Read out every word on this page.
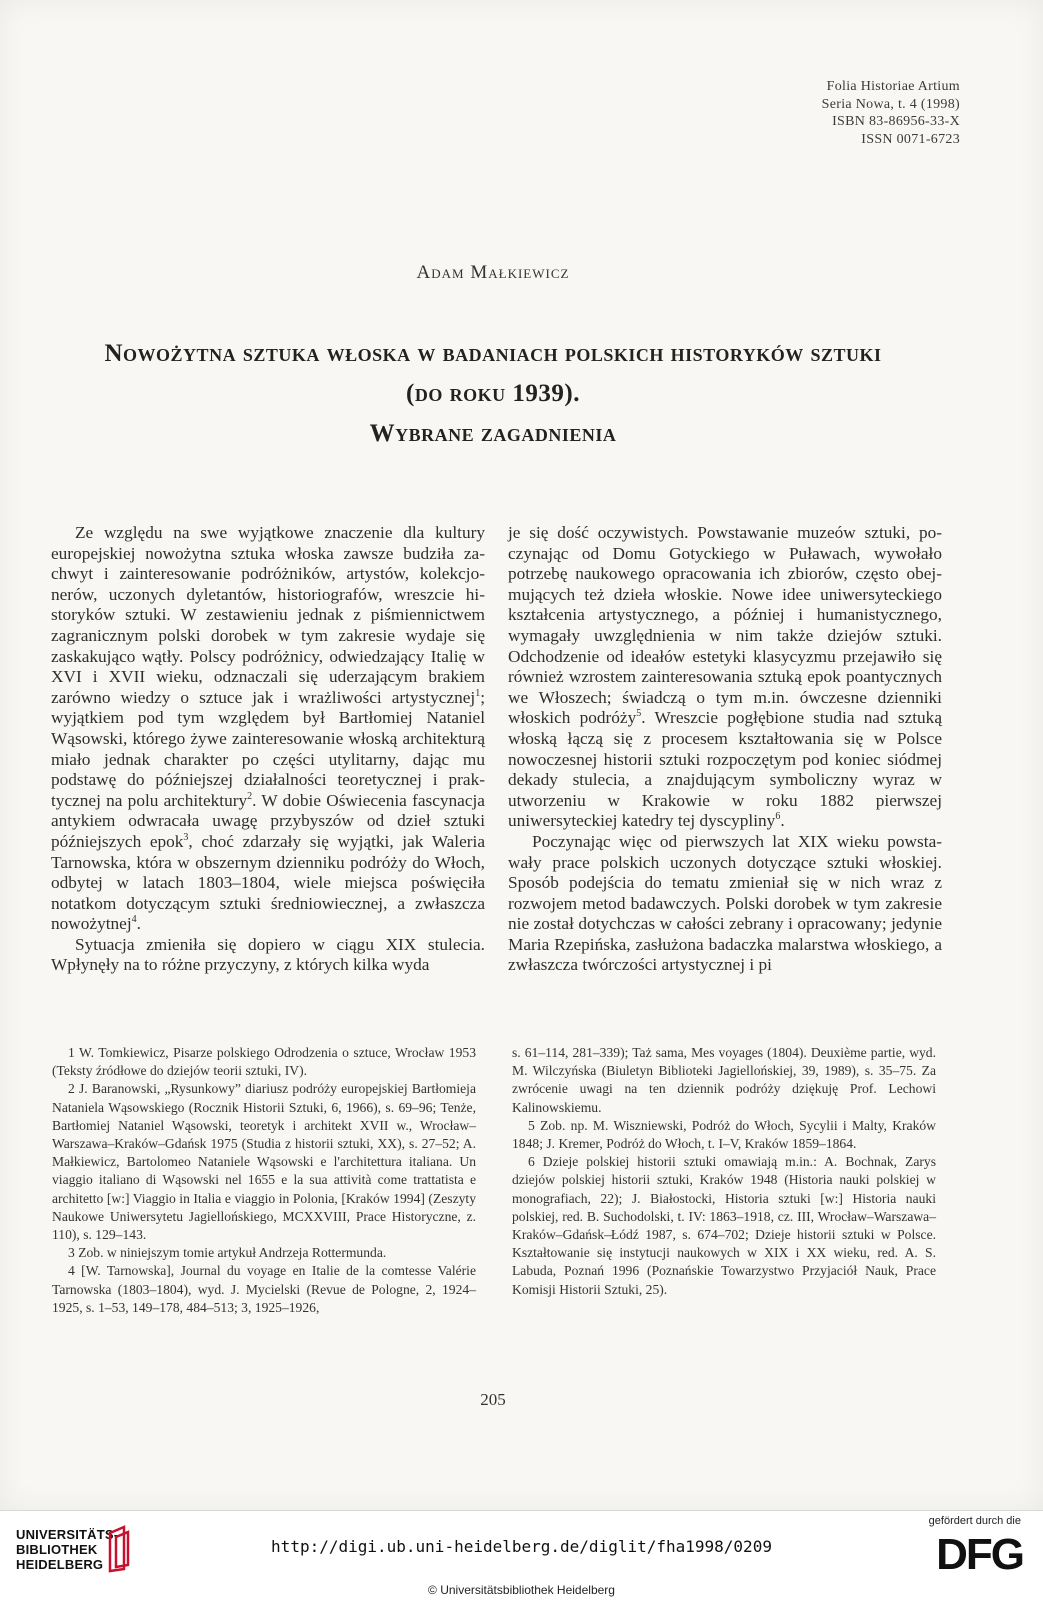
Folia Historiae Artium
Seria Nowa, t. 4 (1998)
ISBN 83-86956-33-X
ISSN 0071-6723
Adam Małkiewicz
Nowożytna sztuka włoska w badaniach polskich historyków sztuki
(do roku 1939).
Wybrane zagadnienia

Ze względu na swe wyjątkowe znaczenie dla kultury europejskiej nowożytna sztuka włoska zawsze budziła zachwyt i zainteresowanie podróżników, artystów, kolekcjonerów, uczonych dyletantów, historiografów, wreszcie historyków sztuki. W zestawieniu jednak z piśmiennictwem zagranicznym polski dorobek w tym zakresie wydaje się zaskakująco wątły. Polscy podróżnicy, odwiedzający Italię w XVI i XVII wieku, odznaczali się uderzającym brakiem zarówno wiedzy o sztuce jak i wrażliwości artystycznej$^1$; wyjątkiem pod tym względem był Bartłomiej Nataniel Wąsowski, którego żywe zainteresowanie włoską architekturą miało jednak charakter po części utylitarny, dając mu podstawę do późniejszej działalności teoretycznej i praktycznej na polu architektury$^2$. W dobie Oświecenia fascynacja antykiem odwracała uwagę przybyszów od dzieł sztuki późniejszych epok$^3$, choć zdarzały się wyjątki, jak Waleria Tarnowska, która w obszernym dzienniku podróży do Włoch, odbytej w latach 1803–1804, wiele miejsca poświęciła notatkom dotyczącym sztuki średniowiecznej, a zwłaszcza nowożytnej$^4$.

Sytuacja zmieniła się dopiero w ciągu XIX stulecia. Wpłynęły na to różne przyczyny, z których kilka wyda

je się dość oczywistych. Powstawanie muzeów sztuki, poczynając od Domu Gotyckiego w Puławach, wywołało potrzebę naukowego opracowania ich zbiorów, często obejmujących też dzieła włoskie. Nowe idee uniwersyteckiego kształcenia artystycznego, a później i humanistycznego, wymagały uwzględnienia w nim także dziejów sztuki. Odchodzenie od ideałów estetyki klasycyzmu przejawiło się również wzrostem zainteresowania sztuką epok poantycznych we Włoszech; świadczą o tym m.in. ówczesne dzienniki włoskich podróży$^5$. Wreszcie pogłębione studia nad sztuką włoską łączą się z procesem kształtowania się w Polsce nowoczesnej historii sztuki rozpoczętym pod koniec siódmej dekady stulecia, a znajdującym symboliczny wyraz w utworzeniu w Krakowie w roku 1882 pierwszej uniwersyteckiej katedry tej dyscypliny$^6$.

Poczynając więc od pierwszych lat XIX wieku powstawały prace polskich uczonych dotyczące sztuki włoskiej. Sposób podejścia do tematu zmieniał się w nich wraz z rozwojem metod badawczych. Polski dorobek w tym zakresie nie został dotychczas w całości zebrany i opracowany; jedynie Maria Rzepińska, zasłużona badaczka malarstwa włoskiego, a zwłaszcza twórczości artystycznej i pi

1 W. Tomkiewicz, Pisarze polskiego Odrodzenia o sztuce, Wrocław 1953 (Teksty źródłowe do dziejów teorii sztuki, IV).

2 J. Baranowski, „Rysunkowy” diariusz podróży europejskiej Bartłomieja Nataniela Wąsowskiego (Rocznik Historii Sztuki, 6, 1966), s. 69–96; Tenże, Bartłomiej Nataniel Wąsowski, teoretyk i architekt XVII w., Wrocław–Warszawa–Kraków–Gdańsk 1975 (Studia z historii sztuki, XX), s. 27–52; A. Małkiewicz, Bartolomeo Nataniele Wąsowski e l'architettura italiana. Un viaggio italiano di Wąsowski nel 1655 e la sua attività come trattatista e architetto [w:] Viaggio in Italia e viaggio in Polonia, [Kraków 1994] (Zeszyty Naukowe Uniwersytetu Jagiellońskiego, MCXXVIII, Prace Historyczne, z. 110), s. 129–143.

3 Zob. w niniejszym tomie artykuł Andrzeja Rottermunda.

4 [W. Tarnowska], Journal du voyage en Italie de la comtesse Valérie Tarnowska (1803–1804), wyd. J. Mycielski (Revue de Pologne, 2, 1924–1925, s. 1–53, 149–178, 484–513; 3, 1925–1926,

s. 61–114, 281–339); Taż sama, Mes voyages (1804). Deuxième partie, wyd. M. Wilczyńska (Biuletyn Biblioteki Jagiellońskiej, 39, 1989), s. 35–75. Za zwrócenie uwagi na ten dziennik podróży dziękuję Prof. Lechowi Kalinowskiemu.

5 Zob. np. M. Wiszniewski, Podróż do Włoch, Sycylii i Malty, Kraków 1848; J. Kremer, Podróż do Włoch, t. I–V, Kraków 1859–1864.

6 Dzieje polskiej historii sztuki omawiają m.in.: A. Bochnak, Zarys dziejów polskiej historii sztuki, Kraków 1948 (Historia nauki polskiej w monografiach, 22); J. Białostocki, Historia sztuki [w:] Historia nauki polskiej, red. B. Suchodolski, t. IV: 1863–1918, cz. III, Wrocław–Warszawa–Kraków–Gdańsk–Łódź 1987, s. 674–702; Dzieje historii sztuki w Polsce. Kształtowanie się instytucji naukowych w XIX i XX wieku, red. A. S. Labuda, Poznań 1996 (Poznańskie Towarzystwo Przyjaciół Nauk, Prace Komisji Historii Sztuki, 25).

205
UNIVERSITÄTS-
BIBLIOTHEK
HEIDELBERG
http://digi.ub.uni-heidelberg.de/diglit/fha1998/0209
© Universitätsbibliothek Heidelberg
gefördert durch die
DFG
